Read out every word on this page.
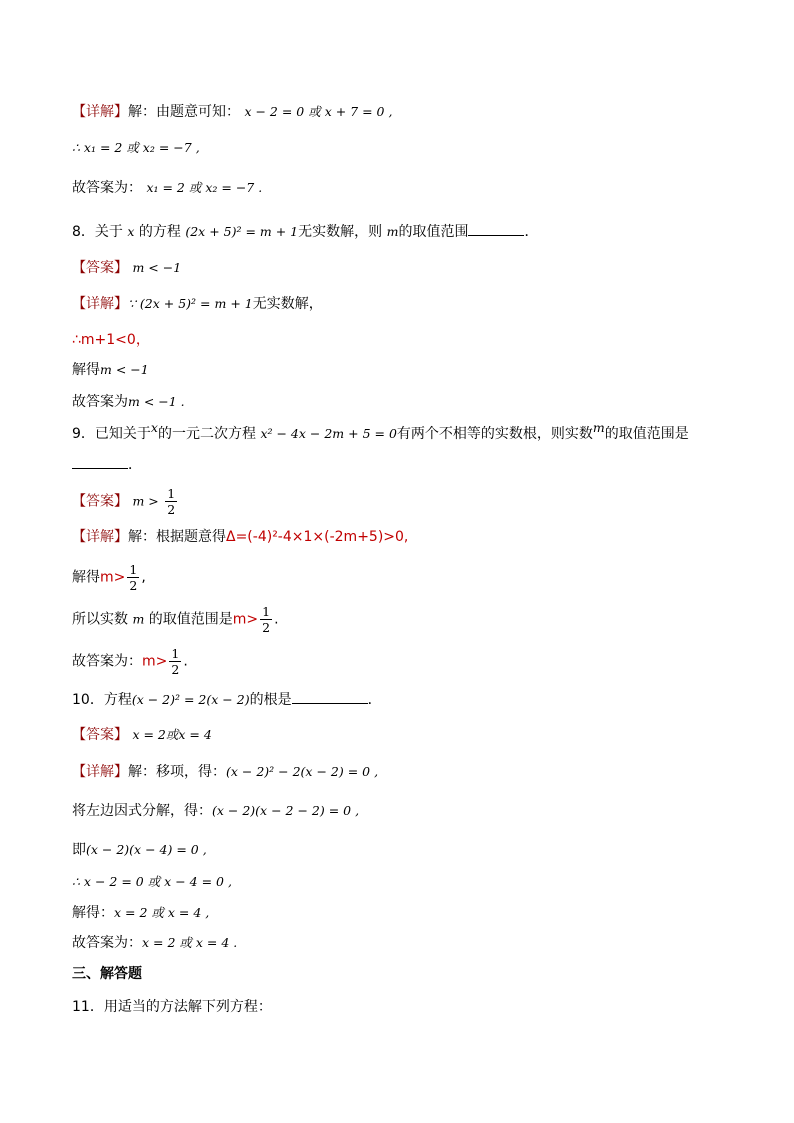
【详解】解：由题意可知： x − 2 = 0 或 x + 7 = 0 ,
∴ x₁ = 2 或 x₂ = −7 ,
故答案为： x₁ = 2 或 x₂ = −7 .
8．关于 x 的方程 (2x + 5)² = m + 1无实数解，则 m的取值范围	．
【答案】 m < −1
【详解】∵ (2x + 5)² = m + 1无实数解，
∴m+1<0，
解得m < −1
故答案为m < −1 .
9．已知关于$^x$的一元二次方程 x² − 4x − 2m + 5 = 0有两个不相等的实数根，则实数$^m$的取值范围是
．
【答案】 $m > \frac{1}{2}$
【详解】解：根据题意得Δ=(-4)²-4×1×(-2m+5)>0,
解得$m> \frac{1}{2}$ ,
所以实数 m 的取值范围是$m> \frac{1}{2}$ .
故答案为：$m> \frac{1}{2}$ .
10．方程(x − 2)² = 2(x − 2)的根是	．
【答案】 x = 2或x = 4
【详解】解：移项，得：(x − 2)² − 2(x − 2) = 0 ,
将左边因式分解，得：(x − 2)(x − 2 − 2) = 0 ,
即(x − 2)(x − 4) = 0 ,
∴ x − 2 = 0 或 x − 4 = 0 ,
解得：x = 2 或 x = 4 ,
故答案为：x = 2 或 x = 4 .
三、解答题
11．用适当的方法解下列方程：
